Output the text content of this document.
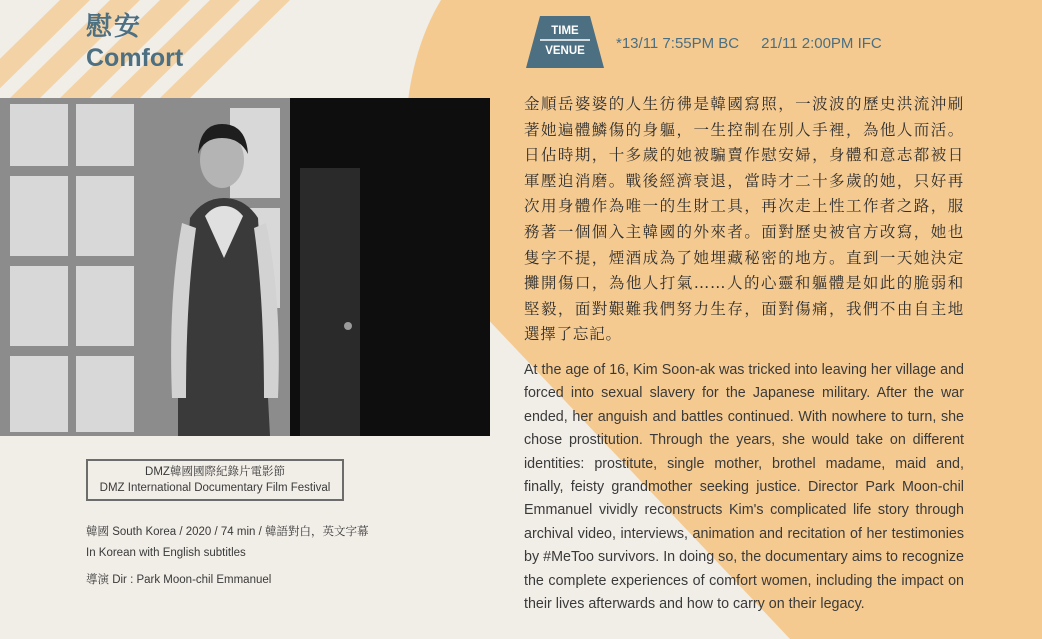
慰安
Comfort
DMZ韓國國際紀錄片電影節
DMZ International Documentary Film Festival

韓國 South Korea / 2020 / 74 min / 韓語對白，英文字幕

In Korean with English subtitles

導演 Dir : Park Moon-chil Emmanuel

TIME
VENUE	*13/11 7:55PM BC 21/11 2:00PM IFC

金順岳婆婆的人生彷彿是韓國寫照，一波波的歷史洪流沖刷著她遍體鱗傷的身軀，一生控制在別人手裡，為他人而活。日佔時期，十多歲的她被騙賣作慰安婦，身體和意志都被日軍壓迫消磨。戰後經濟衰退，當時才二十多歲的她，只好再次用身體作為唯一的生財工具，再次走上性工作者之路，服務著一個個入主韓國的外來者。面對歷史被官方改寫，她也隻字不提，煙酒成為了她埋藏秘密的地方。直到一天她決定攤開傷口，為他人打氣……人的心靈和軀體是如此的脆弱和堅毅，面對艱難我們努力生存，面對傷痛，我們不由自主地選擇了忘記。

At the age of 16, Kim Soon-ak was tricked into leaving her village and forced into sexual slavery for the Japanese military. After the war ended, her anguish and battles continued. With nowhere to turn, she chose prostitution. Through the years, she would take on different identities: prostitute, single mother, brothel madame, maid and, finally, feisty grandmother seeking justice. Director Park Moon-chil Emmanuel vividly reconstructs Kim's complicated life story through archival video, interviews, animation and recitation of her testimonies by #MeToo survivors. In doing so, the documentary aims to recognize the complete experiences of comfort women, including the impact on their lives afterwards and how to carry on their legacy.
